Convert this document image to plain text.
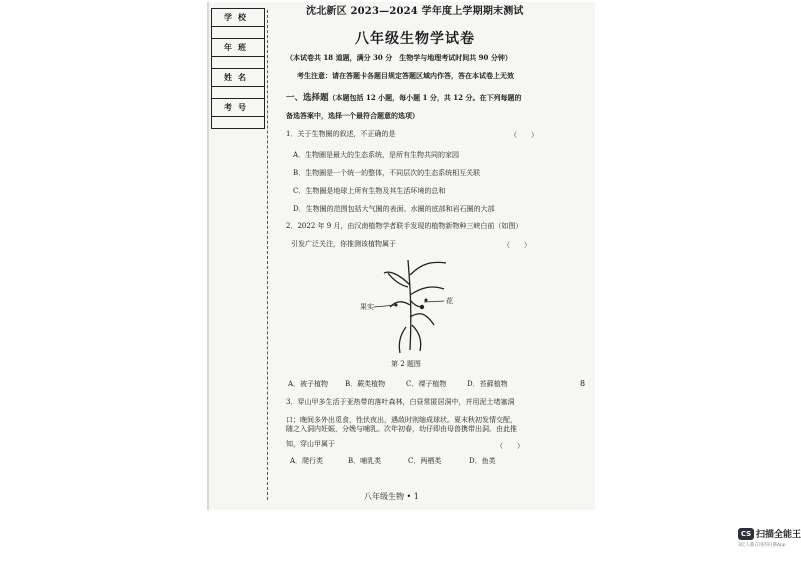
学校

年班

姓名

考号

沈北新区 2023—2024 学年度上学期期末测试
八年级生物学试卷
（本试卷共 18 道题，满分 30 分　生物学与地理考试时间共 90 分钟）
考生注意：请在答题卡各题目规定答题区域内作答，答在本试卷上无效
一、选择题（本题包括 12 小题，每小题 1 分，共 12 分。在下列每题的
备选答案中，选择一个最符合题意的选项）
1．关于生物圈的叙述，不正确的是	（　　）
A．生物圈是最大的生态系统，是所有生物共同的家园
B．生物圈是一个统一的整体，不同层次的生态系统相互关联
C．生物圈是地球上所有生物及其生活环境的总和
D．生物圈的范围包括大气圈的表面、水圈的底部和岩石圈的大部
2．2022 年 9 月，由汉南植物学者联手发现的植物新物种三峡白前（如图）
引发广泛关注，你推测该植物属于	（　　）
果实
花
第 2 题图
A．被子植物 B．蕨类植物	C．裸子植物	D．苔藓植物
3．穿山甲多生活于亚热带的落叶森林，白昼常匿居洞中，并用泥土堵塞洞
口；晚间多外出觅食，性伏夜出，遇敌时则缩成球状。夏末秋初发情交配，
随之入洞内妊娠，分娩与哺乳。次年初春，幼仔即由母兽携带出洞。由此推
知，穿山甲属于	（　　）
A．爬行类	B．哺乳类	C．两栖类	D．鱼类
8
八年级生物 • 1
CS 扫描全能王
3亿人都在用的扫描App
